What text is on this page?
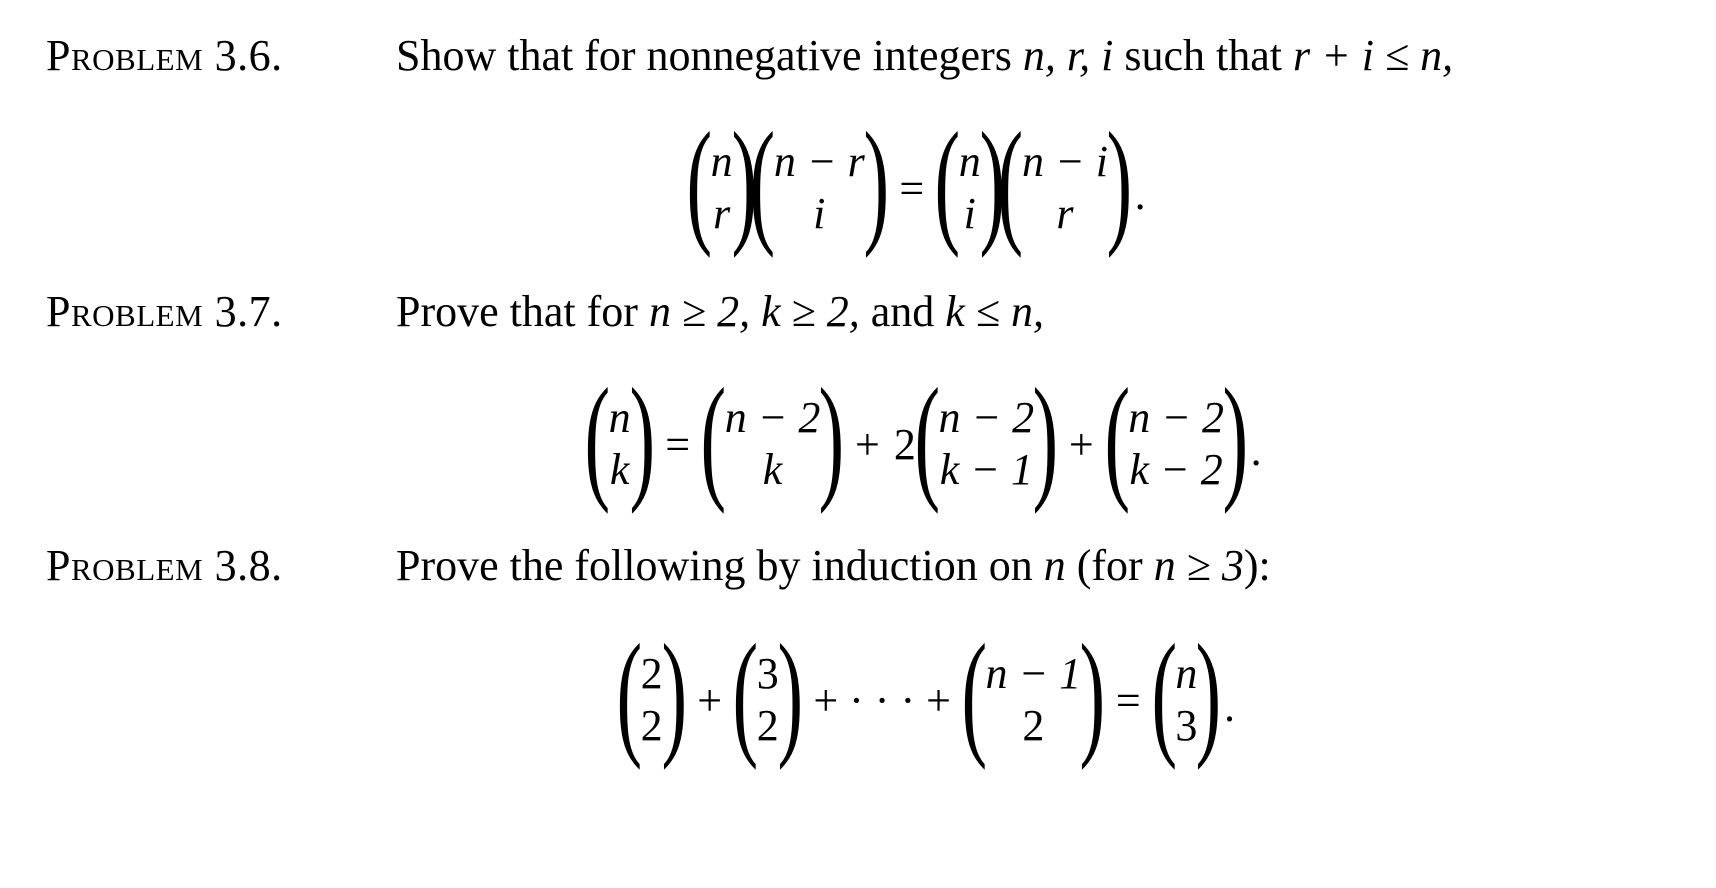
Problem 3.6.	Show that for nonnegative integers n, r, i such that r + i ≤ n,
(
n
r )
(
n − r
i ) = (
n
i )
(
n − i
r ) .
Problem 3.7.	Prove that for n ≥ 2, k ≥ 2, and k ≤ n,
(
n
k ) = (
n − 2
k ) + 2
(
n − 2
k − 1 ) + (
n − 2
k − 2 ) .
Problem 3.8.	Prove the following by induction on n (for n ≥ 3):
(
2
2
) + (
3
2
) + · · · + (
n − 1
2 ) = (
n
3
) .
